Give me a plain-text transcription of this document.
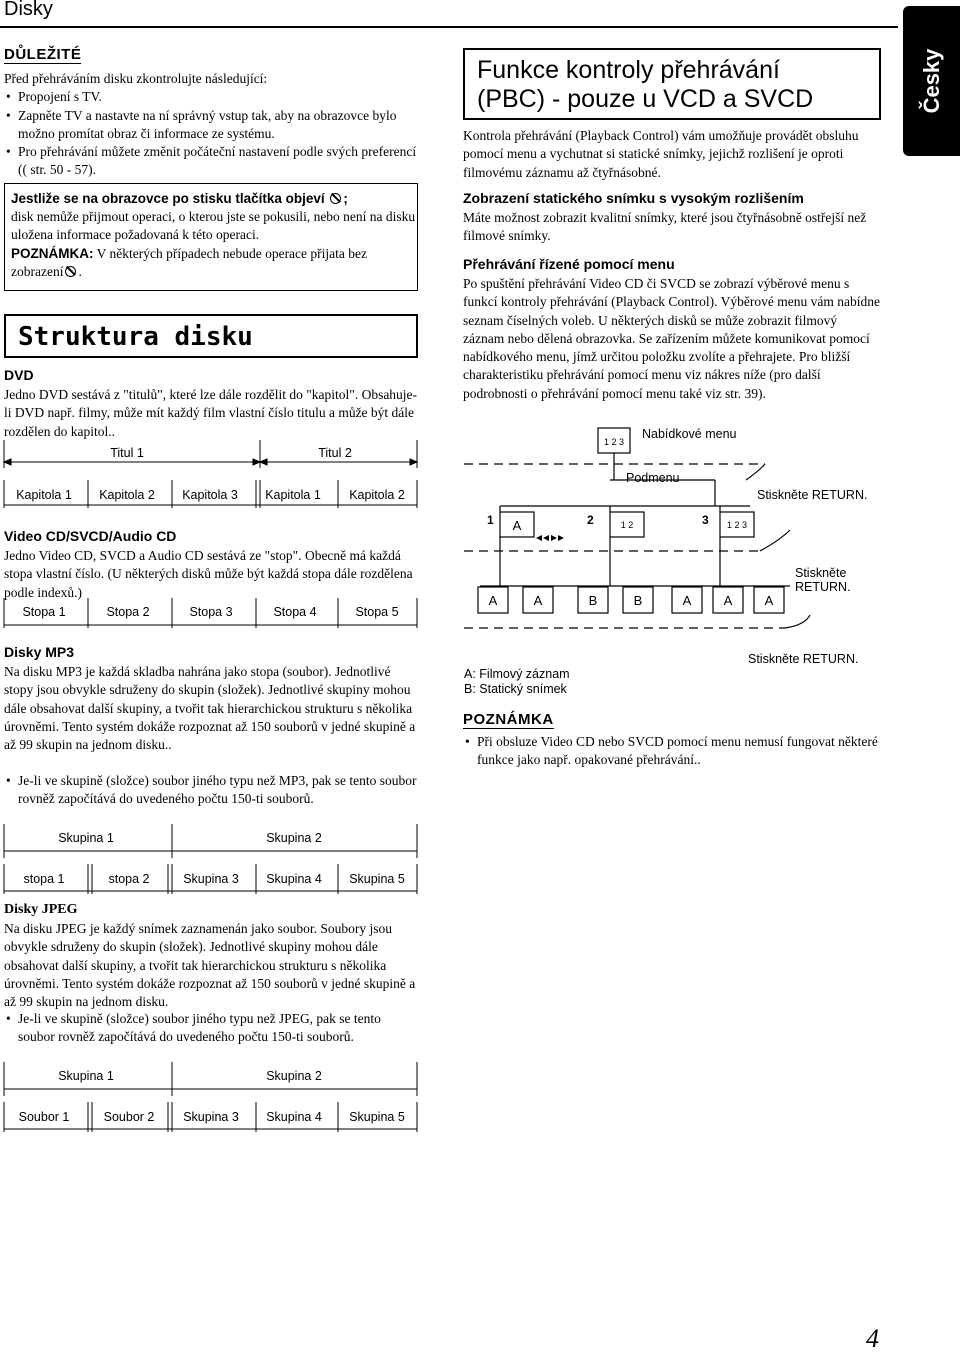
Disky
Česky
DŮLEŽITÉ
Před přehráváním disku zkontrolujte následující:
• Propojení s TV.
• Zapněte TV a nastavte na ní správný vstup tak, aby na obrazovce bylo možno promítat obraz či informace ze systému.
• Pro přehrávání můžete změnit počáteční nastavení podle svých preferencí (( str. 50 - 57).
Jestliže se na obrazovce po stisku tlačítka objeví ;
disk nemůže přijmout operaci, o kterou jste se pokusili, nebo není na disku uložena informace požadovaná k této operaci.
POZNÁMKA: V některých případech nebude operace přijata bez zobrazení .
Struktura disku
DVD
Jedno DVD sestává z "titulů", které lze dále rozdělit do "kapitol". Obsahuje-li DVD např. filmy, může mít každý film vlastní číslo titulu a může být dále rozdělen do kapitol..
Titul 1	Titul 2
Kapitola 1 Kapitola 2 Kapitola 3 Kapitola 1 Kapitola 2
Video CD/SVCD/Audio CD
Jedno Video CD, SVCD a Audio CD sestává ze "stop". Obecně má každá stopa vlastní číslo. (U některých disků může být každá stopa dále rozdělena podle indexů.)
Stopa 1	Stopa 2	Stopa 3	Stopa 4	Stopa 5
Disky MP3
Na disku MP3 je každá skladba nahrána jako stopa (soubor). Jednotlivé stopy jsou obvykle sdruženy do skupin (složek). Jednotlivé skupiny mohou dále obsahovat další skupiny, a tvořit tak hierarchickou strukturu s několika úrovněmi. Tento systém dokáže rozpoznat až 150 souborů v jedné skupině a až 99 skupin na jednom disku..
• Je-li ve skupině (složce) soubor jiného typu než MP3, pak se tento soubor rovněž započítává do uvedeného počtu 150-ti souborů.
Skupina 1	Skupina 2
stopa 1	stopa 2	Skupina 3 Skupina 4 Skupina 5
Disky JPEG
Na disku JPEG je každý snímek zaznamenán jako soubor. Soubory jsou obvykle sdruženy do skupin (složek). Jednotlivé skupiny mohou dále obsahovat další skupiny, a tvořit tak hierarchickou strukturu s několika úrovněmi. Tento systém dokáže rozpoznat až 150 souborů v jedné skupině a až 99 skupin na jednom disku.
• Je-li ve skupině (složce) soubor jiného typu než JPEG, pak se tento soubor rovněž započítává do uvedeného počtu 150-ti souborů.
Skupina 1	Skupina 2
Soubor 1	Soubor 2 Skupina 3 Skupina 4 Skupina 5
Funkce kontroly přehrávání
(PBC) - pouze u VCD a SVCD
Kontrola přehrávání (Playback Control) vám umožňuje provádět obsluhu pomocí menu a vychutnat si statické snímky, jejichž rozlišení je oproti filmovému záznamu až čtyřnásobné.
Zobrazení statického snímku s vysokým rozlišením
Máte možnost zobrazit kvalitní snímky, které jsou čtyřnásobně ostřejší než filmové snímky.
Přehrávání řízené pomocí menu
Po spuštění přehrávání Video CD či SVCD se zobrazí výběrové menu s funkcí kontroly přehrávání (Playback Control). Výběrové menu vám nabídne seznam číselných voleb. U některých disků se může zobrazit filmový záznam nebo dělená obrazovka. Se zařízením můžete komunikovat pomocí nabídkového menu, jímž určitou položku zvolíte a přehrajete. Pro bližší charakteristiku přehrávání pomocí menu viz nákres níže (pro další podrobnosti o přehrávání pomocí menu také viz str. 39).
1 2 3
Nabídkové menu
Podmenu
Stiskněte RETURN.
Stiskněte
RETURN.
Stiskněte RETURN.
1	2	3
A	1 2	1 2 3
A	A	B	B	A A A
A: Filmový záznam
B: Statický snímek
POZNÁMKA
• Při obsluze Video CD nebo SVCD pomocí menu nemusí fungovat některé funkce jako např. opakované přehrávání..
4
